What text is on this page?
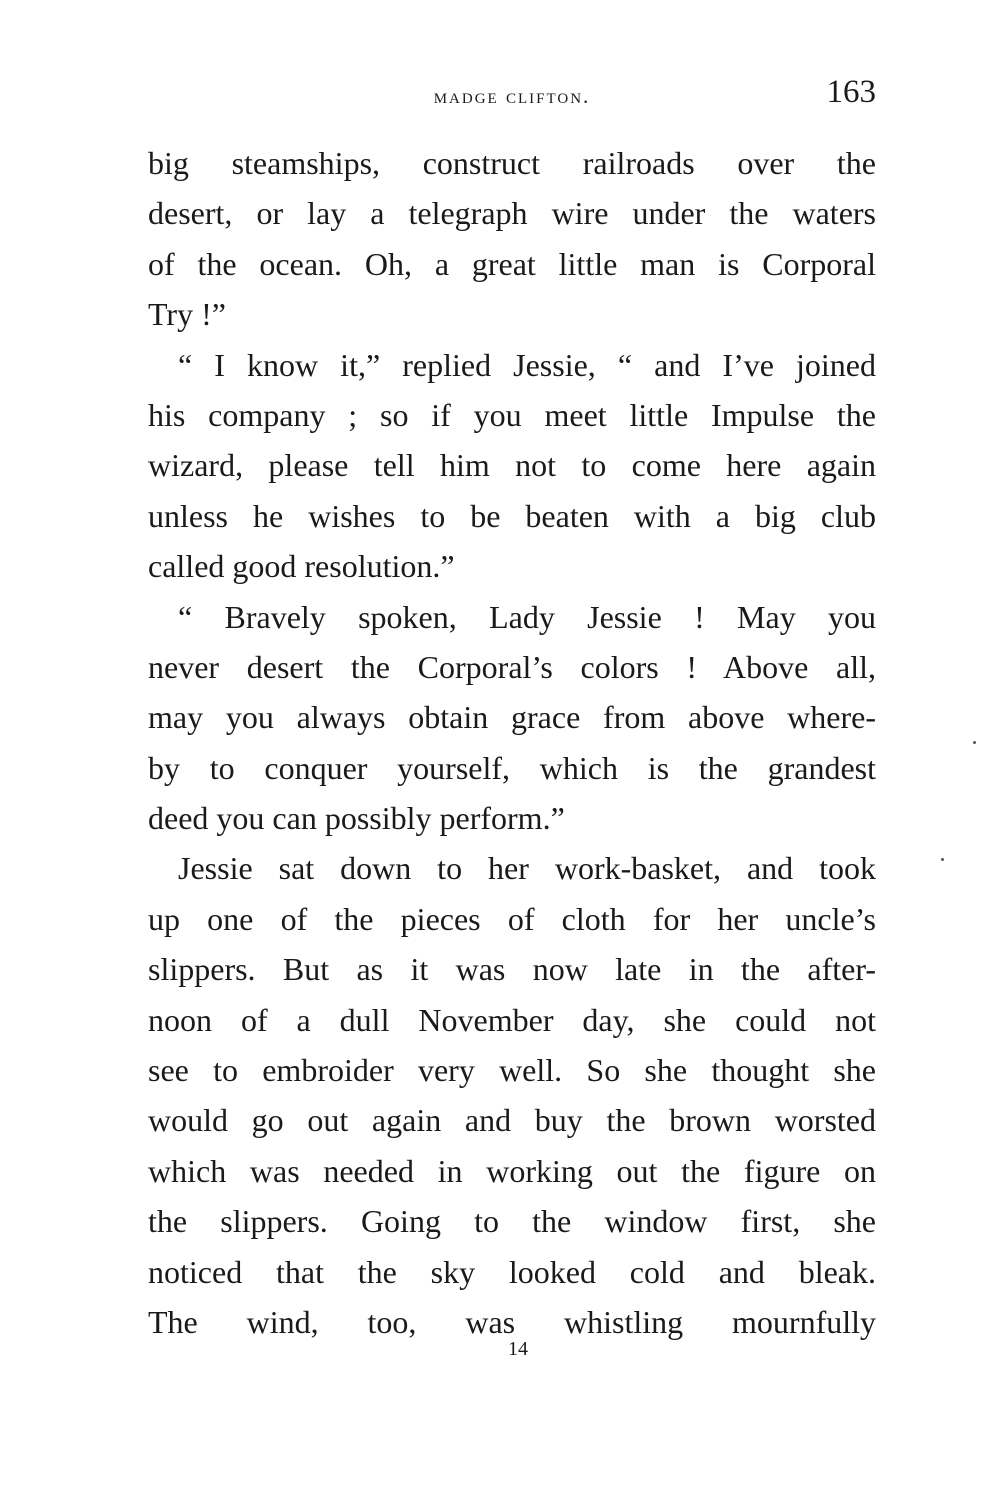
madge clifton.	163
big steamships, construct railroads over the
desert, or lay a telegraph wire under the waters
of the ocean. Oh, a great little man is Corporal
Try !”
“ I know it,” replied Jessie, “ and I’ve joined
his company ; so if you meet little Impulse the
wizard, please tell him not to come here again
unless he wishes to be beaten with a big club
called good resolution.”
“ Bravely spoken, Lady Jessie ! May you
never desert the Corporal’s colors ! Above all,
may you always obtain grace from above where-
by to conquer yourself, which is the grandest
deed you can possibly perform.”
Jessie sat down to her work-basket, and took
up one of the pieces of cloth for her uncle’s
slippers. But as it was now late in the after-
noon of a dull November day, she could not
see to embroider very well. So she thought she
would go out again and buy the brown worsted
which was needed in working out the figure on
the slippers. Going to the window first, she
noticed that the sky looked cold and bleak.
The wind, too, was whistling mournfully
14
